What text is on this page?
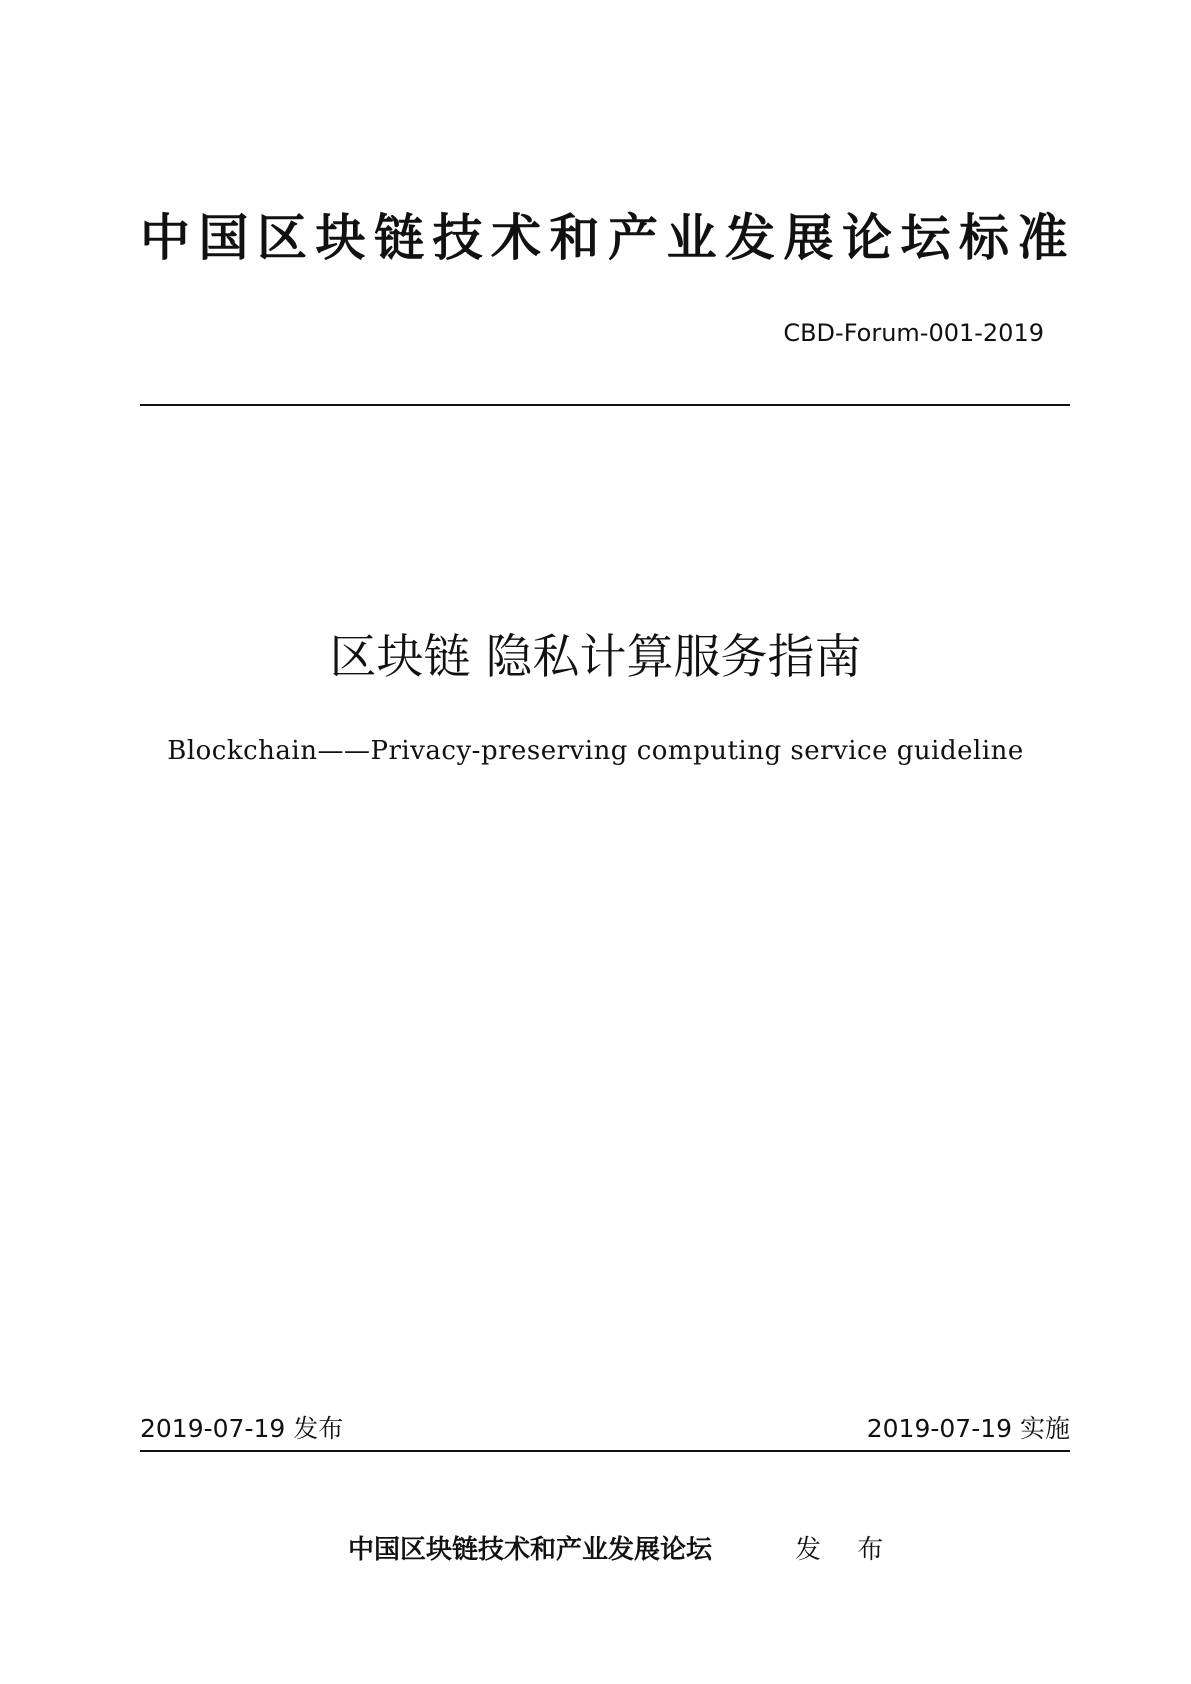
中国区块链技术和产业发展论坛标准
CBD-Forum-001-2019
区块链 隐私计算服务指南
Blockchain——Privacy-preserving computing service guideline
2019-07-19 发布	2019-07-19 实施
中国区块链技术和产业发展论坛	发 布
